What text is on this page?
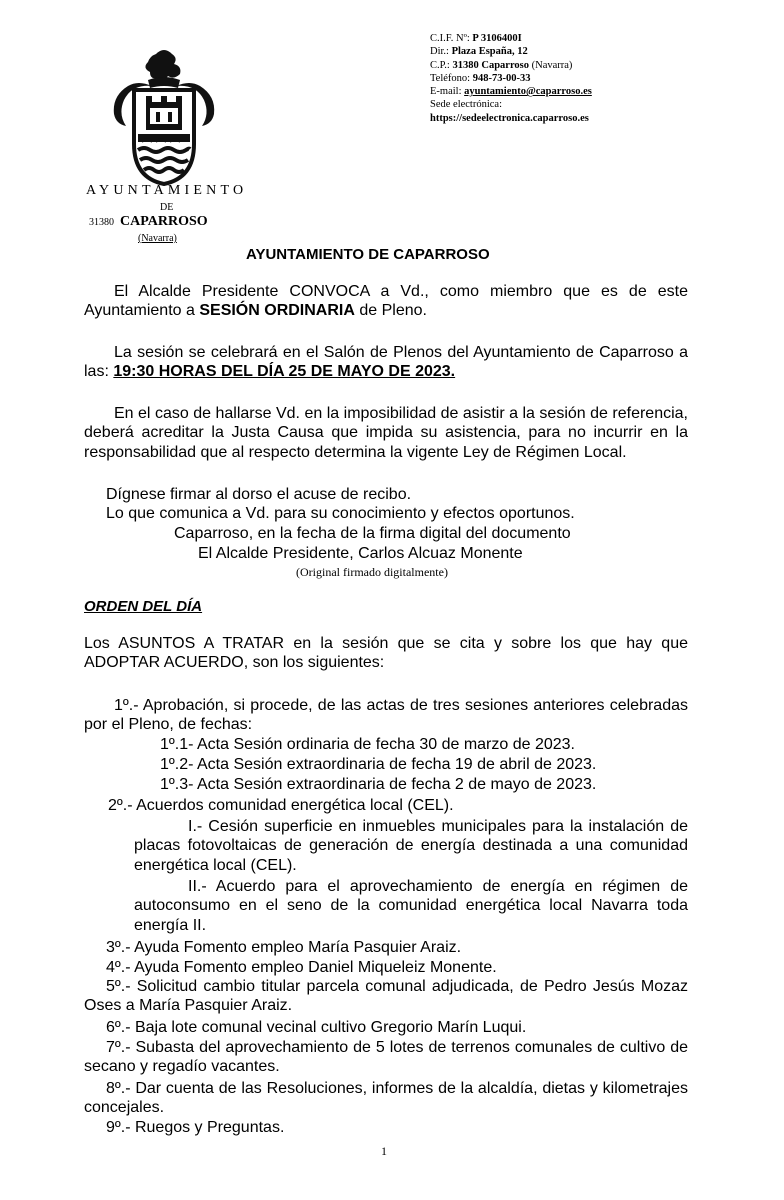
AYUNTAMIENTO
DE
31380 CAPARROSO
(Navarra)
C.I.F. Nº: P 3106400I
Dir.: Plaza España, 12
C.P.: 31380 Caparroso (Navarra)
Teléfono: 948-73-00-33
E-mail: ayuntamiento@caparroso.es
Sede electrónica:
https://sedeelectronica.caparroso.es
AYUNTAMIENTO DE CAPARROSO
El Alcalde Presidente CONVOCA a Vd., como miembro que es de este Ayuntamiento a SESIÓN ORDINARIA de Pleno.
La sesión se celebrará en el Salón de Plenos del Ayuntamiento de Caparroso a las: 19:30 HORAS DEL DÍA 25 DE MAYO DE 2023.
En el caso de hallarse Vd. en la imposibilidad de asistir a la sesión de referencia, deberá acreditar la Justa Causa que impida su asistencia, para no incurrir en la responsabilidad que al respecto determina la vigente Ley de Régimen Local.
Dígnese firmar al dorso el acuse de recibo.
Lo que comunica a Vd. para su conocimiento y efectos oportunos.
Caparroso, en la fecha de la firma digital del documento
El Alcalde Presidente, Carlos Alcuaz Monente
(Original firmado digitalmente)
ORDEN DEL DÍA
Los ASUNTOS A TRATAR en la sesión que se cita y sobre los que hay que ADOPTAR ACUERDO, son los siguientes:
1º.- Aprobación, si procede, de las actas de tres sesiones anteriores celebradas por el Pleno, de fechas:
1º.1- Acta Sesión ordinaria de fecha 30 de marzo de 2023.
1º.2- Acta Sesión extraordinaria de fecha 19 de abril de 2023.
1º.3- Acta Sesión extraordinaria de fecha 2 de mayo de 2023.
2º.- Acuerdos comunidad energética local (CEL).
I.- Cesión superficie en inmuebles municipales para la instalación de placas fotovoltaicas de generación de energía destinada a una comunidad energética local (CEL).
II.- Acuerdo para el aprovechamiento de energía en régimen de autoconsumo en el seno de la comunidad energética local Navarra toda energía II.
3º.- Ayuda Fomento empleo María Pasquier Araiz.
4º.- Ayuda Fomento empleo Daniel Miqueleiz Monente.
5º.- Solicitud cambio titular parcela comunal adjudicada, de Pedro Jesús Mozaz Oses a María Pasquier Araiz.
6º.- Baja lote comunal vecinal cultivo Gregorio Marín Luqui.
7º.- Subasta del aprovechamiento de 5 lotes de terrenos comunales de cultivo de secano y regadío vacantes.
8º.- Dar cuenta de las Resoluciones, informes de la alcaldía, dietas y kilometrajes concejales.
9º.- Ruegos y Preguntas.
1
